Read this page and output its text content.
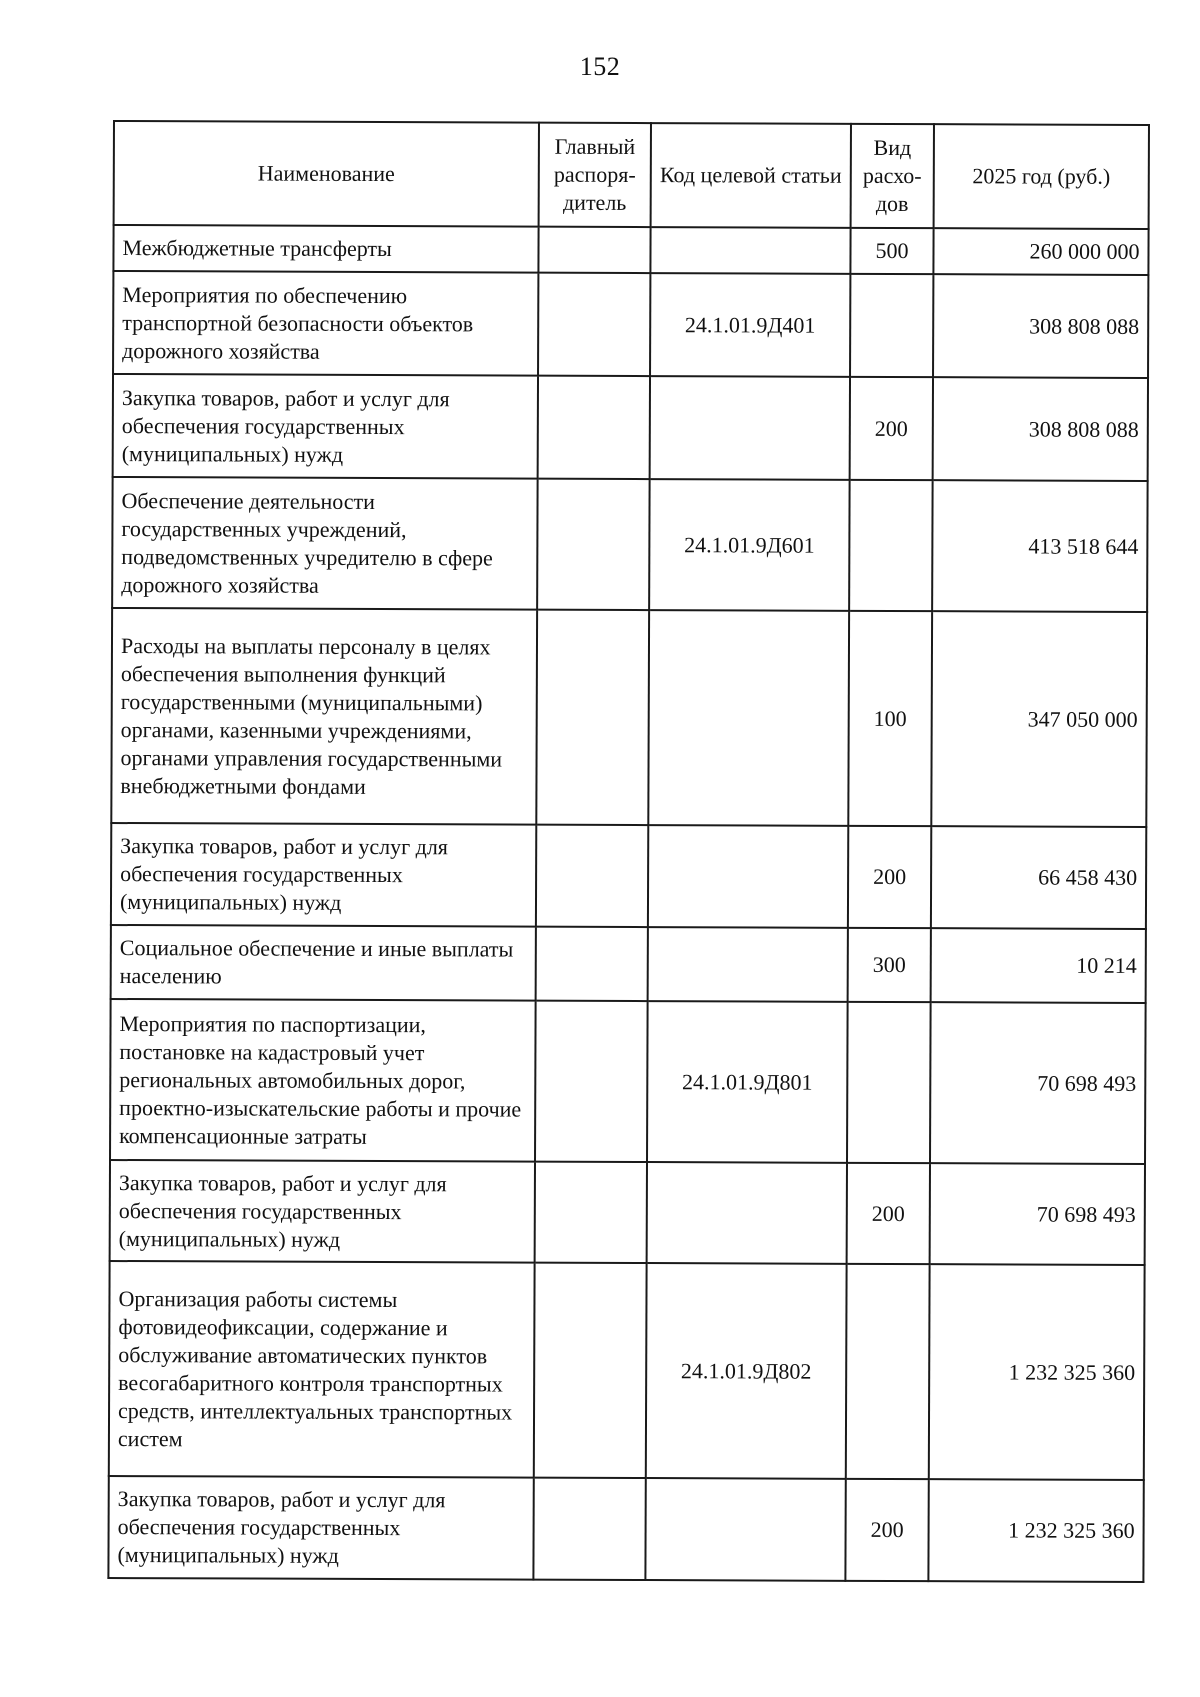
152
Наименование	Главный распоря-дитель	Код целевой статьи	Вид расхо-дов	2025 год (руб.)
Межбюджетные трансферты			500	260 000 000
Мероприятия по обеспечению транспортной безопасности объектов дорожного хозяйства		24.1.01.9Д401		308 808 088
Закупка товаров, работ и услуг для обеспечения государственных (муниципальных) нужд			200	308 808 088
Обеспечение деятельности государственных учреждений, подведомственных учредителю в сфере дорожного хозяйства		24.1.01.9Д601		413 518 644
Расходы на выплаты персоналу в целях обеспечения выполнения функций государственными (муниципальными) органами, казенными учреждениями, органами управления государственными внебюджетными фондами			100	347 050 000
Закупка товаров, работ и услуг для обеспечения государственных (муниципальных) нужд			200	66 458 430
Социальное обеспечение и иные выплаты населению			300	10 214
Мероприятия по паспортизации, постановке на кадастровый учет региональных автомобильных дорог, проектно-изыскательские работы и прочие компенсационные затраты		24.1.01.9Д801		70 698 493
Закупка товаров, работ и услуг для обеспечения государственных (муниципальных) нужд			200	70 698 493
Организация работы системы фотовидеофиксации, содержание и обслуживание автоматических пунктов весогабаритного контроля транспортных средств, интеллектуальных транспортных систем		24.1.01.9Д802		1 232 325 360
Закупка товаров, работ и услуг для обеспечения государственных (муниципальных) нужд			200	1 232 325 360
